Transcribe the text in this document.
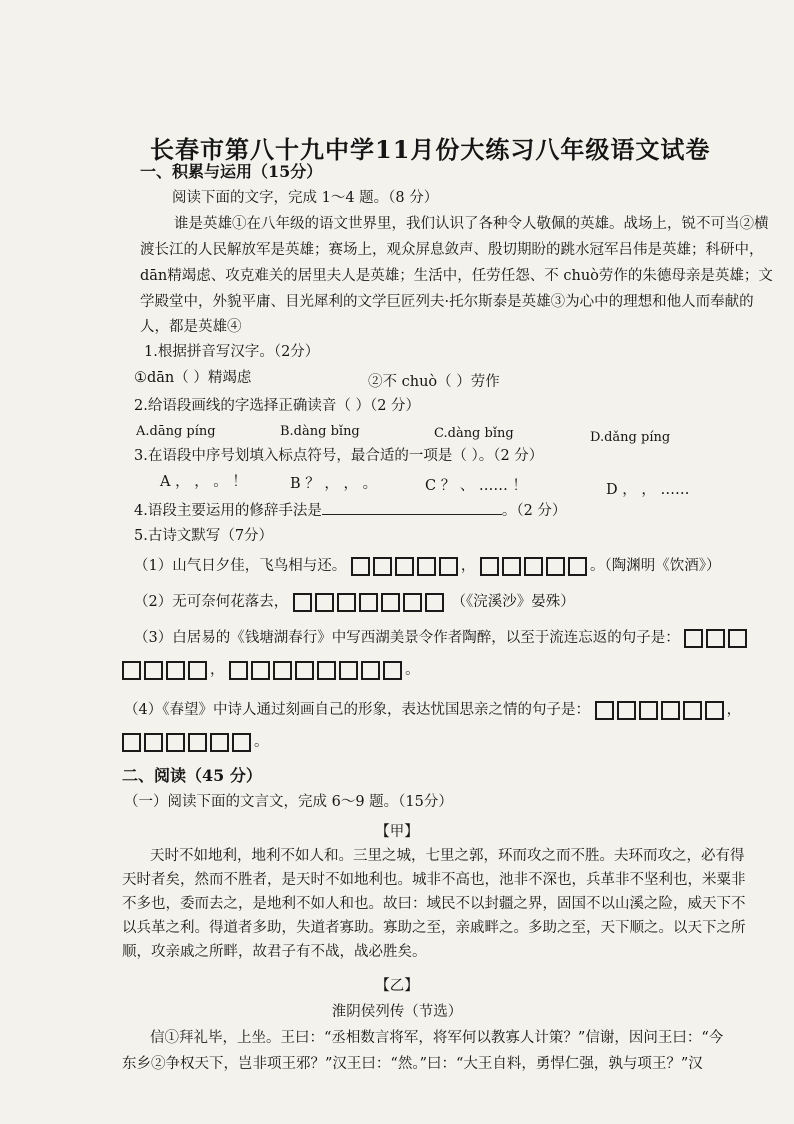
长春市第八十九中学11月份大练习八年级语文试卷
一、积累与运用（15分）
阅读下面的文字，完成 1～4 题。（8 分）
谁是英雄①在八年级的语文世界里，我们认识了各种令人敬佩的英雄。战场上，锐不可当②横
渡长江的人民解放军是英雄；赛场上，观众屏息敛声、殷切期盼的跳水冠军吕伟是英雄；科研中，
dān精竭虑、攻克难关的居里夫人是英雄；生活中，任劳任怨、不 chuò劳作的朱德母亲是英雄；文
学殿堂中，外貌平庸、目光犀利的文学巨匠列夫·托尔斯泰是英雄③为心中的理想和他人而奉献的
人，都是英雄④
1.根据拼音写汉字。（2分）
①dān（ ）精竭虑	②不 chuò（ ）劳作
2.给语段画线的字选择正确读音（ ）（2 分）
A.dāng píng	B.dàng bǐng	C.dàng bǐng	D.dǎng píng
3.在语段中序号划填入标点符号，最合适的一项是（ ）。（2 分）
A ， ， 。 ！	B ？ ， ， 。	C ？ 、 …… ！	D ， ， ……
4.语段主要运用的修辞手法是	。（2 分）
5.古诗文默写（7分）
（1）山气日夕佳，飞鸟相与还。	，	。（陶渊明《饮酒》）
（2）无可奈何花落去，	（《浣溪沙》晏殊）
（3）白居易的《钱塘湖春行》中写西湖美景令作者陶醉，以至于流连忘返的句子是：
，	。
（4）《春望》中诗人通过刻画自己的形象，表达忧国思亲之情的句子是：	，
。
二、阅读（45 分）
（一）阅读下面的文言文，完成 6～9 题。（15分）
【甲】
天时不如地利，地利不如人和。三里之城，七里之郭，环而攻之而不胜。夫环而攻之，必有得
天时者矣，然而不胜者，是天时不如地利也。城非不高也，池非不深也，兵革非不坚利也，米粟非
不多也，委而去之，是地利不如人和也。故曰：域民不以封疆之界，固国不以山溪之险，威天下不
以兵革之利。得道者多助，失道者寡助。寡助之至，亲戚畔之。多助之至，天下顺之。以天下之所
顺，攻亲戚之所畔，故君子有不战，战必胜矣。
【乙】
淮阴侯列传（节选）
信①拜礼毕，上坐。王曰：“丞相数言将军，将军何以教寡人计策？”信谢，因问王曰：“今
东乡②争权天下，岂非项王邪？”汉王曰：“然。”曰：“大王自料，勇悍仁强，孰与项王？”汉
